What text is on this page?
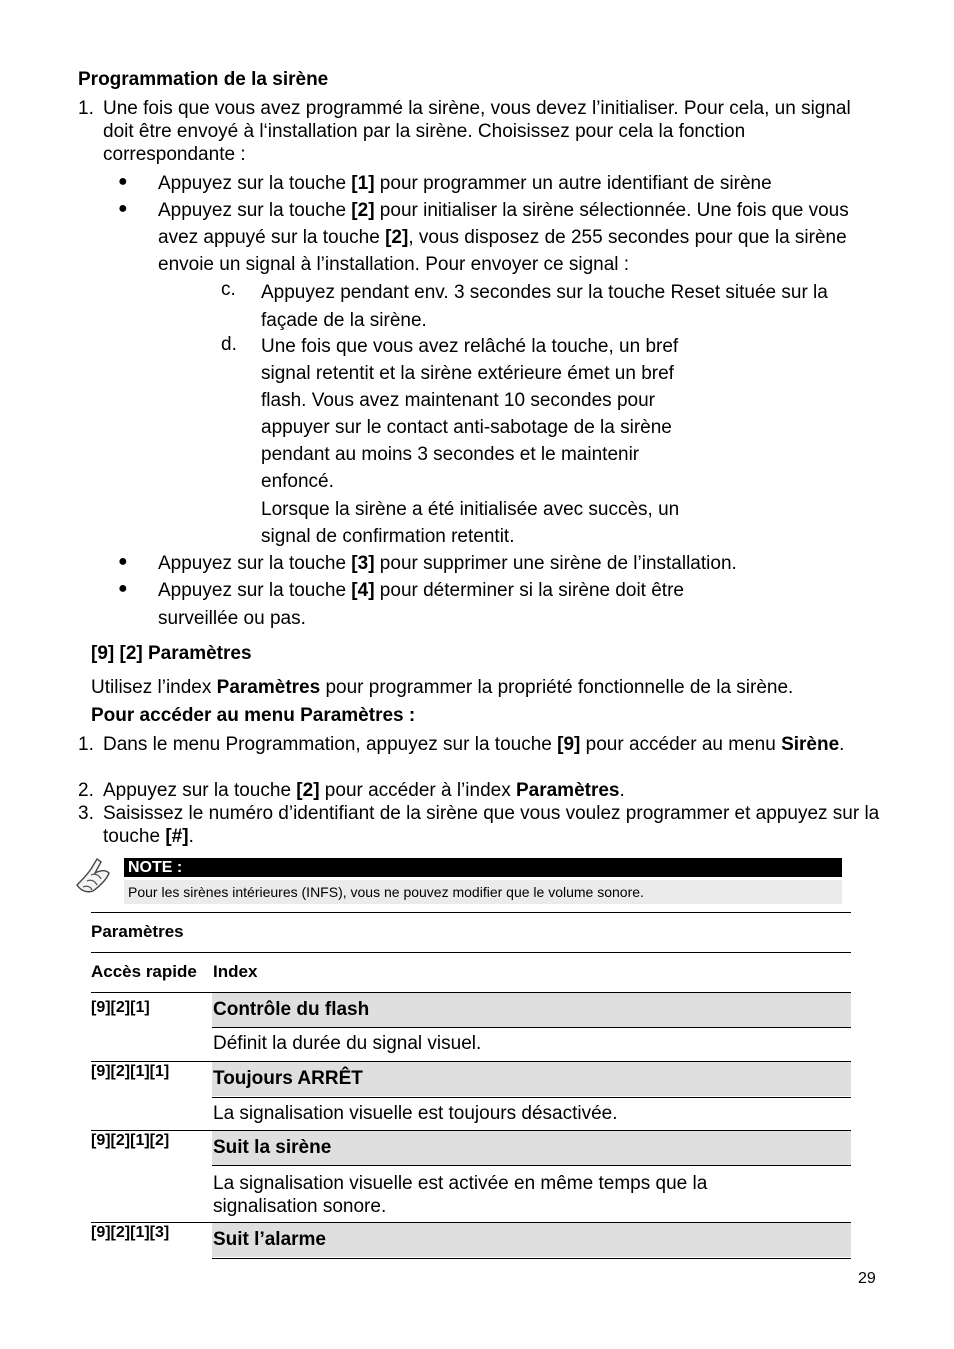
Programmation de la sirène
1. Une fois que vous avez programmé la sirène, vous devez l’initialiser. Pour cela, un signal doit être envoyé à l‘installation par la sirène. Choisissez pour cela la fonction correspondante :
● Appuyez sur la touche [1] pour programmer un autre identifiant de sirène
● Appuyez sur la touche [2] pour initialiser la sirène sélectionnée. Une fois que vous avez appuyé sur la touche [2], vous disposez de 255 secondes pour que la sirène envoie un signal à l’installation. Pour envoyer ce signal :
c. Appuyez pendant env. 3 secondes sur la touche Reset située sur la façade de la sirène.
d. Une fois que vous avez relâché la touche, un bref signal retentit et la sirène extérieure émet un bref flash. Vous avez maintenant 10 secondes pour appuyer sur le contact anti-sabotage de la sirène pendant au moins 3 secondes et le maintenir enfoncé.
Lorsque la sirène a été initialisée avec succès, un signal de confirmation retentit.
● Appuyez sur la touche [3] pour supprimer une sirène de l’installation.
● Appuyez sur la touche [4] pour déterminer si la sirène doit être surveillée ou pas.
[9] [2] Paramètres
Utilisez l’index Paramètres pour programmer la propriété fonctionnelle de la sirène.
Pour accéder au menu Paramètres :
1. Dans le menu Programmation, appuyez sur la touche [9] pour accéder au menu Sirène.
2. Appuyez sur la touche [2] pour accéder à l’index Paramètres.
3. Saisissez le numéro d’identifiant de la sirène que vous voulez programmer et appuyez sur la touche [#].
NOTE :
Pour les sirènes intérieures (INFS), vous ne pouvez modifier que le volume sonore.
Paramètres
Accès rapide Index
[9][2][1]	Contrôle du flash
Définit la durée du signal visuel.
[9][2][1][1] Toujours ARRÊT
La signalisation visuelle est toujours désactivée.
[9][2][1][2] Suit la sirène
La signalisation visuelle est activée en même temps que la signalisation sonore.
[9][2][1][3] Suit l’alarme
29
